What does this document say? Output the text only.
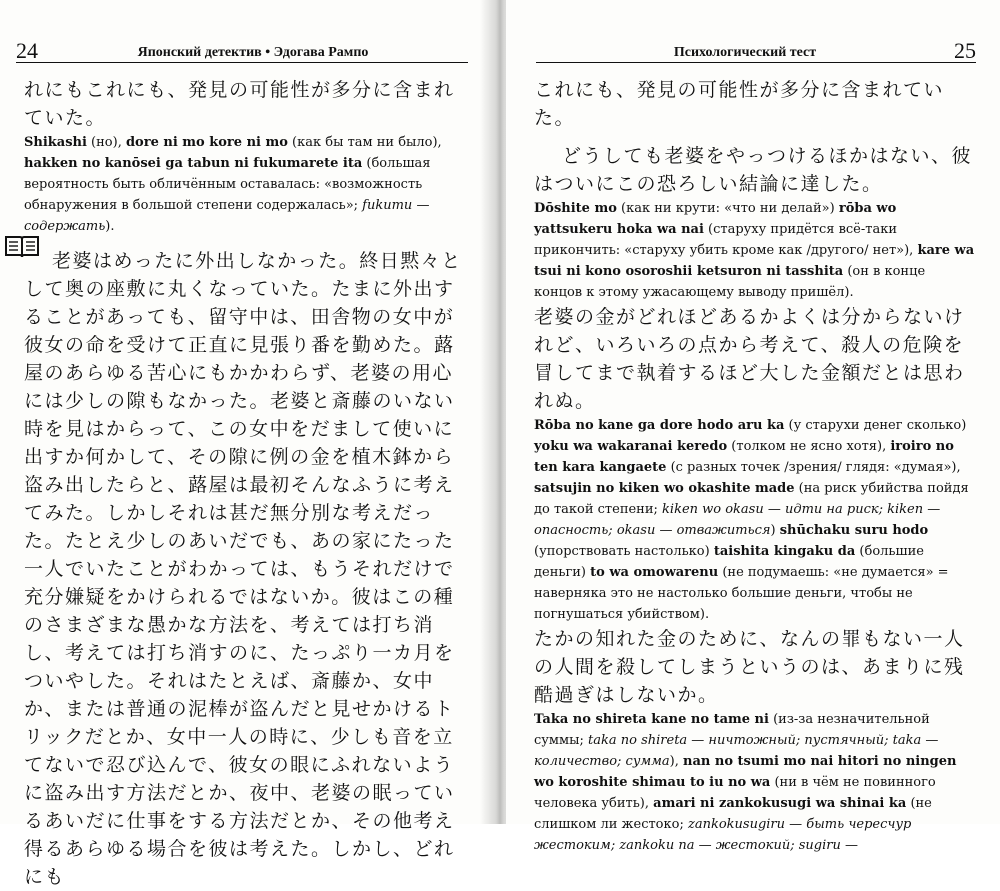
24	Японский детектив • Эдогава Рампо

れにもこれにも、発見の可能性が多分に含まれていた。

Shikashi (но), dore ni mo kore ni mo (как бы там ни было), hakken no kanōsei ga tabun ni fukumarete ita (большая вероятность быть обличённым оставалась: «возможность обнаружения в большой степени содержалась»; fukumu — содержать).

老婆はめったに外出しなかった。終日黙々として奥の座敷に丸くなっていた。たまに外出することがあっても、留守中は、田舎物の女中が彼女の命を受けて正直に見張り番を勤めた。蕗屋のあらゆる苦心にもかかわらず、老婆の用心には少しの隙もなかった。老婆と斎藤のいない時を見はからって、この女中をだまして使いに出すか何かして、その隙に例の金を植木鉢から盗み出したらと、蕗屋は最初そんなふうに考えてみた。しかしそれは甚だ無分別な考えだった。たとえ少しのあいだでも、あの家にたった一人でいたことがわかっては、もうそれだけで充分嫌疑をかけられるではないか。彼はこの種のさまざまな愚かな方法を、考えては打ち消し、考えては打ち消すのに、たっぷり一カ月をついやした。それはたとえば、斎藤か、女中か、または普通の泥棒が盗んだと見せかけるトリックだとか、女中一人の時に、少しも音を立てないで忍び込んで、彼女の眼にふれないように盗み出す方法だとか、夜中、老婆の眠っているあいだに仕事をする方法だとか、その他考え得るあらゆる場合を彼は考えた。しかし、どれにも

Психологический тест	25

これにも、発見の可能性が多分に含まれていた。

どうしても老婆をやっつけるほかはない、彼はついにこの恐ろしい結論に達した。

Dōshite mo (как ни крути: «что ни делай») rōba wo yattsukeru hoka wa nai (старуху придётся всё-таки прикончить: «старуху убить кроме как /другого/ нет»), kare wa tsui ni kono osoroshii ketsuron ni tasshita (он в конце концов к этому ужасающему выводу пришёл).

老婆の金がどれほどあるかよくは分からないけれど、いろいろの点から考えて、殺人の危険を冒してまで執着するほど大した金額だとは思われぬ。

Rōba no kane ga dore hodo aru ka (у старухи денег сколько) yoku wa wakaranai keredo (толком не ясно хотя), iroiro no ten kara kangaete (с разных точек /зрения/ глядя: «думая»), satsujin no kiken wo okashite made (на риск убийства пойдя до такой степени; kiken wo okasu — идти на риск; kiken — опасность; okasu — отважиться) shūchaku suru hodo (упорствовать настолько) taishita kingaku da (большие деньги) to wa omowarenu (не подумаешь: «не думается» = наверняка это не настолько большие деньги, чтобы не погнушаться убийством).

たかの知れた金のために、なんの罪もない一人の人間を殺してしまうというのは、あまりに残酷過ぎはしないか。

Taka no shireta kane no tame ni (из-за незначительной суммы; taka no shireta — ничтожный; пустячный; taka — количество; сумма), nan no tsumi mo nai hitori no ningen wo koroshite shimau to iu no wa (ни в чём не повинного человека убить), amari ni zankokusugi wa shinai ka (не слишком ли жестоко; zankokusugiru — быть чересчур жестоким; zankoku na — жестокий; sugiru —
